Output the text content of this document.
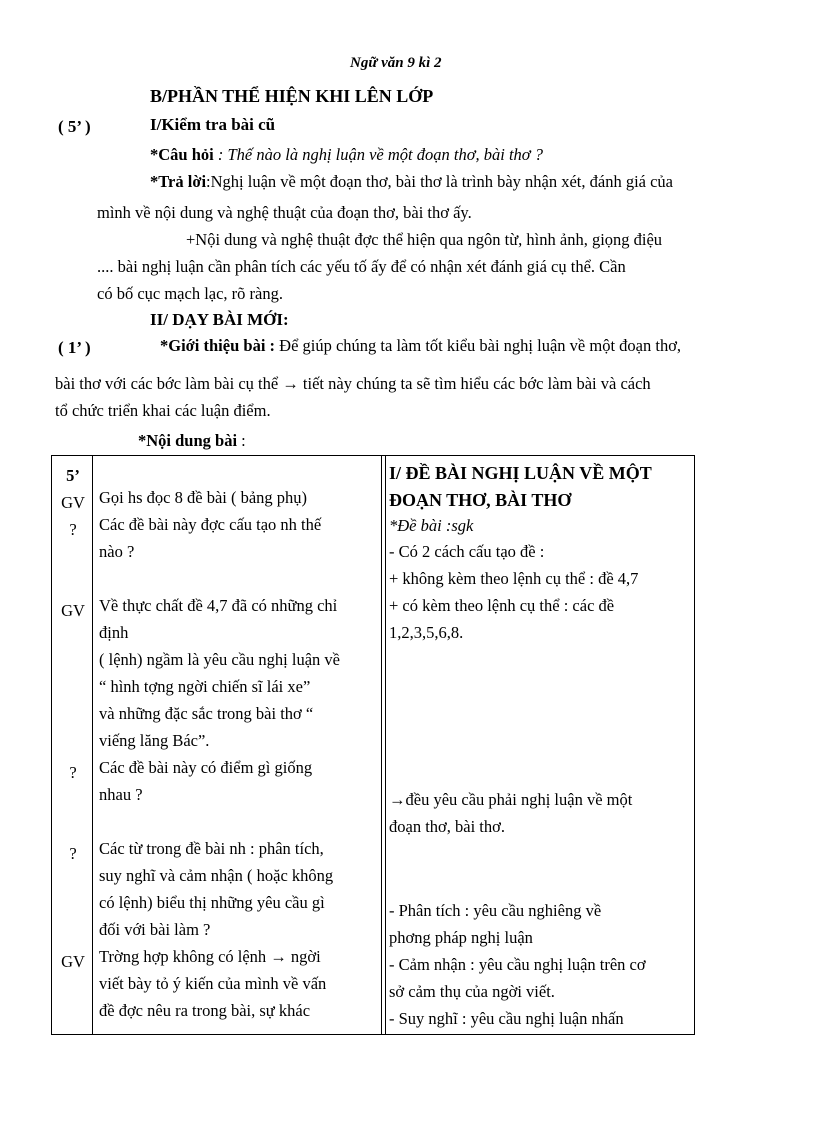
Ngữ văn 9 kì 2
B/PHẦN THỂ HIỆN KHI LÊN LỚP
( 5’ )	I/Kiểm tra bài cũ
*Câu hỏi : Thế nào là nghị luận về một đoạn thơ, bài thơ ?
*Trả lời:Nghị luận về một đoạn thơ, bài thơ là trình bày nhận xét, đánh giá của
mình về nội dung và nghệ thuật của đoạn thơ, bài thơ ấy.
+Nội dung và nghệ thuật đợc thể hiện qua ngôn từ, hình ảnh, giọng điệu
.... bài nghị luận cần phân tích các yếu tố ấy để có nhận xét đánh giá cụ thể. Cần
có bố cục mạch lạc, rõ ràng.
II/ DẠY BÀI MỚI:
( 1’ )	*Giới thiệu bài : Để giúp chúng ta làm tốt kiểu bài nghị luận về một đoạn thơ,
bài thơ với các bớc làm bài cụ thể → tiết này chúng ta sẽ tìm hiểu các bớc làm bài và cách
tổ chức triển khai các luận điểm.
*Nội dung bài :
5’
GV
?
GV
?
?
GV
Gọi hs đọc 8 đề bài ( bảng phụ)
Các đề bài này đợc cấu tạo nh thế
nào ?
Về thực chất đề 4,7 đã có những chỉ
định
( lệnh) ngầm là yêu cầu nghị luận về
“ hình tợng ngời chiến sĩ lái xe”
và những đặc sắc trong bài thơ “
viếng lăng Bác”.
Các đề bài này có điểm gì giống
nhau ?
Các từ trong đề bài nh : phân tích,
suy nghĩ và cảm nhận ( hoặc không
có lệnh) biểu thị những yêu cầu gì
đối với bài làm ?
Trờng hợp không có lệnh → ngời
viết bày tỏ ý kiến của mình về vấn
đề đợc nêu ra trong bài, sự khác
I/ ĐỀ BÀI NGHỊ LUẬN VỀ MỘT
ĐOẠN THƠ, BÀI THƠ
*Đề bài :sgk
- Có 2 cách cấu tạo đề :
+ không kèm theo lệnh cụ thể : đề 4,7
+ có kèm theo lệnh cụ thể : các đề
1,2,3,5,6,8.
→đều yêu cầu phải nghị luận về một
đoạn thơ, bài thơ.
- Phân tích : yêu cầu nghiêng về
phơng pháp nghị luận
- Cảm nhận : yêu cầu nghị luận trên cơ
sở cảm thụ của ngời viết.
- Suy nghĩ : yêu cầu nghị luận nhấn
